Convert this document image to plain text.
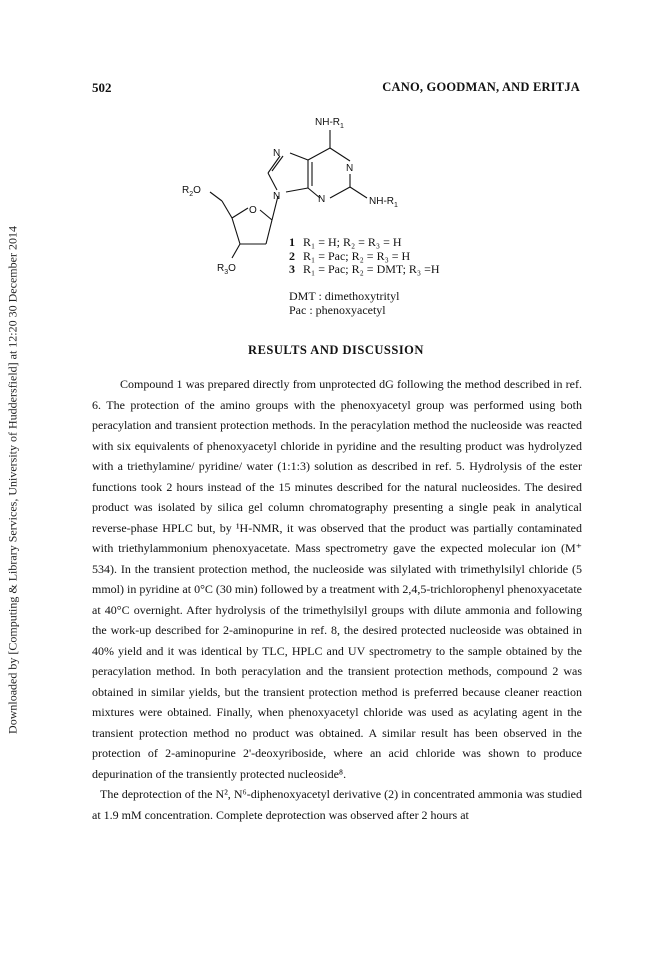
Downloaded by [Computing & Library Services, University of Huddersfield] at 12:20 30 December 2014
502	CANO, GOODMAN, AND ERITJA
$NH-R_1$
N
N
N	N	$NH-R_1$
O
$R_2O$
$R_3O$
1 R₁ = H; R₂ = R₃ = H
2 R₁ = Pac; R₂ = R₃ = H
3 R₁ = Pac; R₂ = DMT; R₃ =H
DMT : dimethoxytrityl
Pac : phenoxyacetyl
RESULTS AND DISCUSSION

Compound 1 was prepared directly from unprotected dG following the method described in ref. 6. The protection of the amino groups with the phenoxyacetyl group was performed using both peracylation and transient protection methods. In the peracylation method the nucleoside was reacted with six equivalents of phenoxyacetyl chloride in pyridine and the resulting product was hydrolyzed with a triethylamine/ pyridine/ water (1:1:3) solution as described in ref. 5. Hydrolysis of the ester functions took 2 hours instead of the 15 minutes described for the natural nucleosides. The desired product was isolated by silica gel column chromatography presenting a single peak in analytical reverse-phase HPLC but, by ¹H-NMR, it was observed that the product was partially contaminated with triethylammonium phenoxyacetate. Mass spectrometry gave the expected molecular ion (M⁺ 534). In the transient protection method, the nucleoside was silylated with trimethylsilyl chloride (5 mmol) in pyridine at 0°C (30 min) followed by a treatment with 2,4,5-trichlorophenyl phenoxyacetate at 40°C overnight. After hydrolysis of the trimethylsilyl groups with dilute ammonia and following the work-up described for 2-aminopurine in ref. 8, the desired protected nucleoside was obtained in 40% yield and it was identical by TLC, HPLC and UV spectrometry to the sample obtained by the peracylation method. In both peracylation and the transient protection methods, compound 2 was obtained in similar yields, but the transient protection method is preferred because cleaner reaction mixtures were obtained. Finally, when phenoxyacetyl chloride was used as acylating agent in the transient protection method no product was obtained. A similar result has been observed in the protection of 2-aminopurine 2'-deoxyriboside, where an acid chloride was shown to produce depurination of the transiently protected nucleoside⁸.

The deprotection of the N², N⁶-diphenoxyacetyl derivative (2) in concentrated ammonia was studied at 1.9 mM concentration. Complete deprotection was observed after 2 hours at
